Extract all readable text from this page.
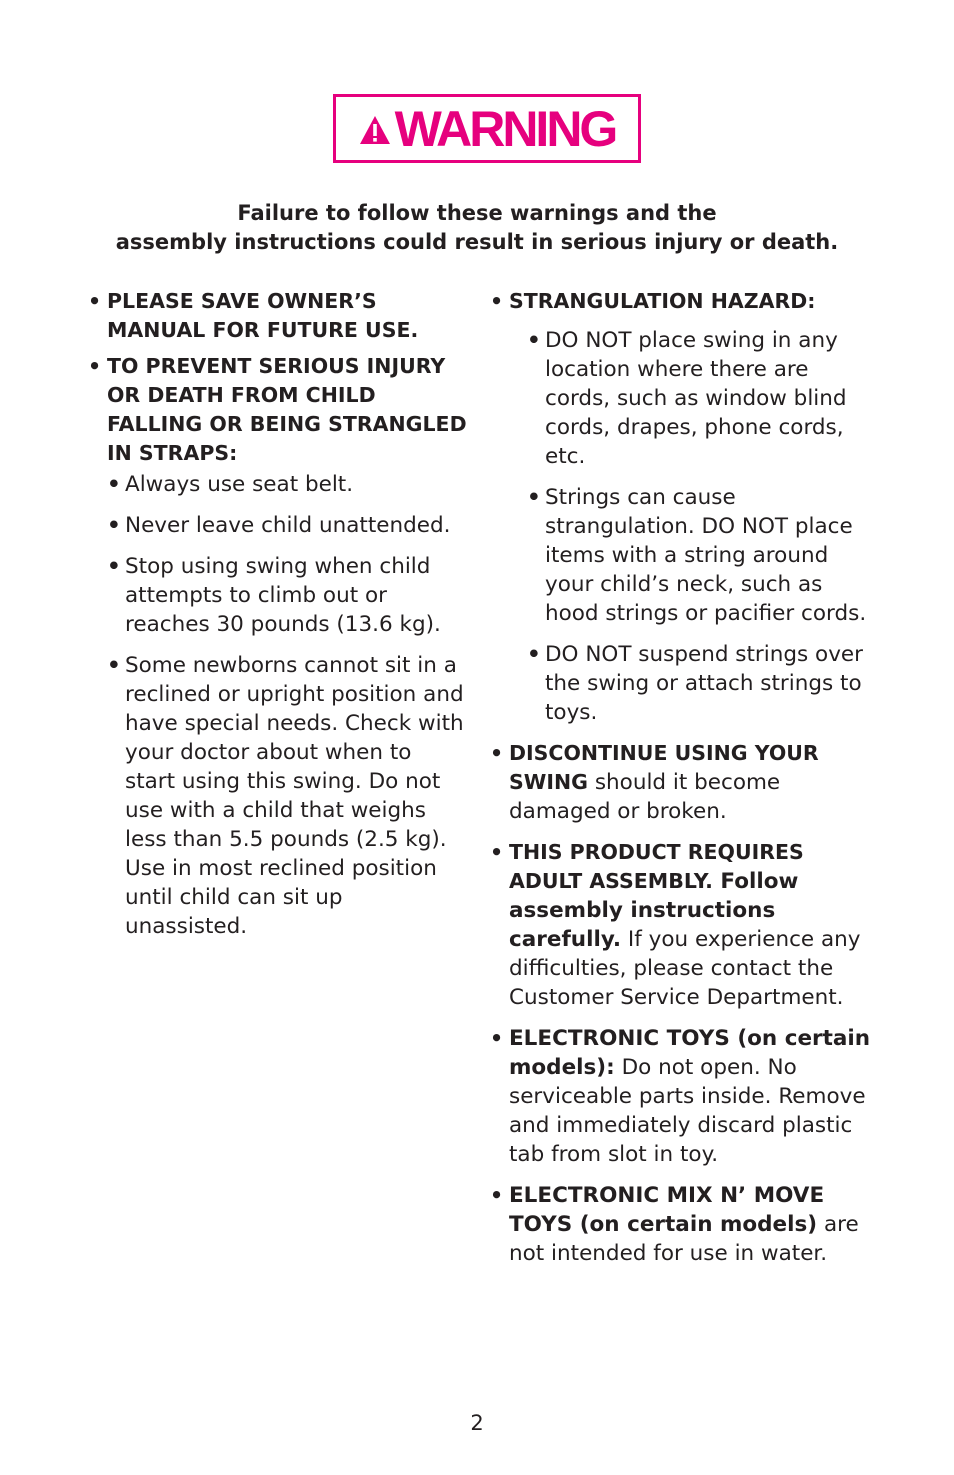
WARNING
Failure to follow these warnings and the
assembly instructions could result in serious injury or death.
• PLEASE SAVE OWNER’S MANUAL FOR FUTURE USE.
• TO PREVENT SERIOUS INJURY OR DEATH FROM CHILD FALLING OR BEING STRANGLED IN STRAPS:
• Always use seat belt.
• Never leave child unattended.
• Stop using swing when child attempts to climb out or reaches 30 pounds (13.6 kg).
• Some newborns cannot sit in a reclined or upright position and have special needs. Check with your doctor about when to start using this swing. Do not use with a child that weighs less than 5.5 pounds (2.5 kg). Use in most reclined position until child can sit up unassisted.
• STRANGULATION HAZARD:
• DO NOT place swing in any location where there are cords, such as window blind cords, drapes, phone cords, etc.
• Strings can cause strangulation. DO NOT place items with a string around your child’s neck, such as hood strings or pacifier cords.
• DO NOT suspend strings over the swing or attach strings to toys.
• DISCONTINUE USING YOUR SWING should it become damaged or broken.
• THIS PRODUCT REQUIRES ADULT ASSEMBLY. Follow assembly instructions carefully. If you experience any difficulties, please contact the Customer Service Department.
• ELECTRONIC TOYS (on certain models): Do not open. No serviceable parts inside. Remove and immediately discard plastic tab from slot in toy.
• ELECTRONIC MIX N’ MOVE TOYS (on certain models) are not intended for use in water.
2
